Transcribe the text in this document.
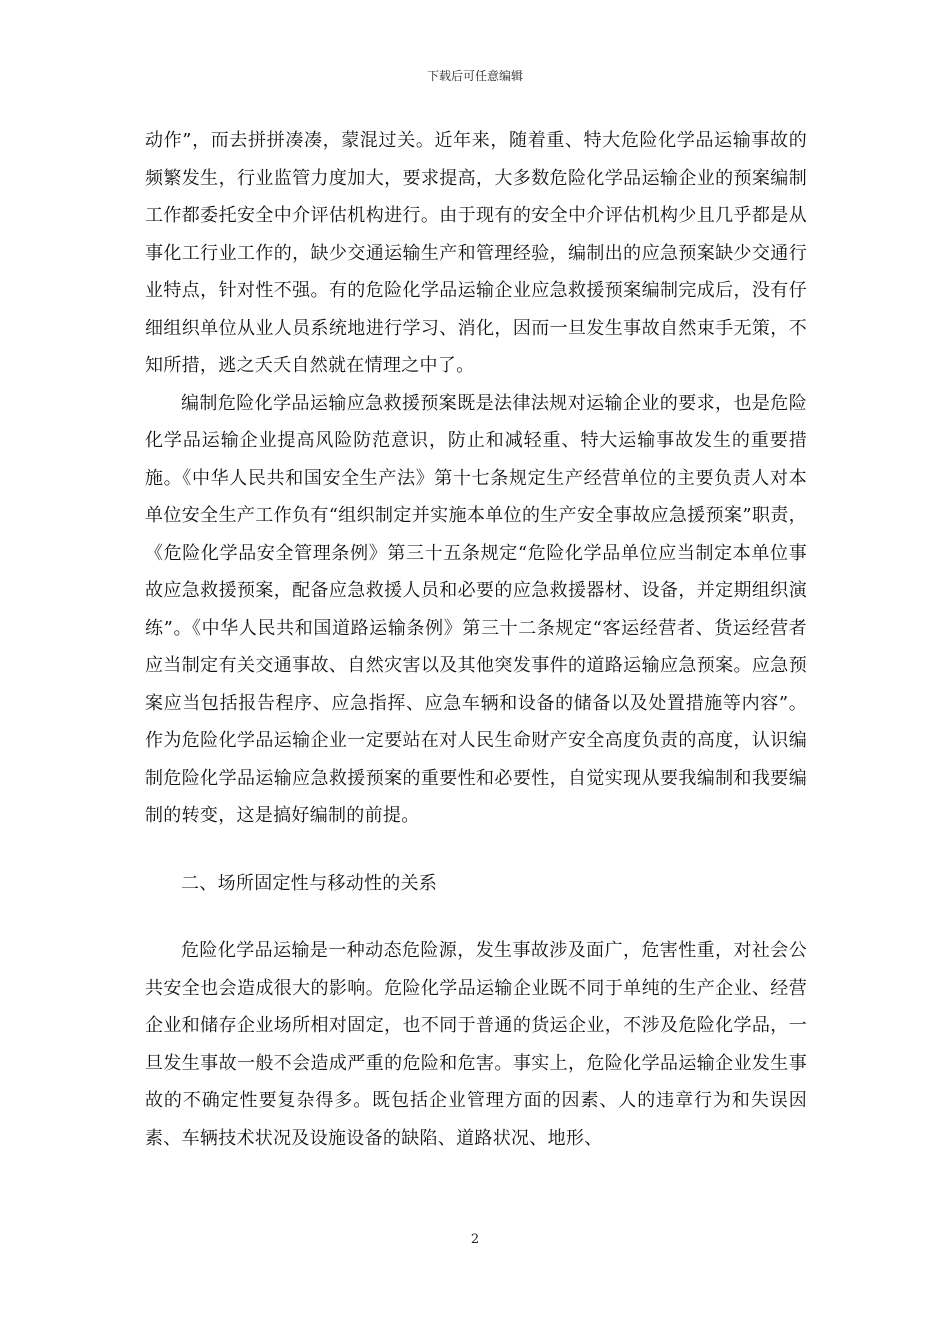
下载后可任意编辑

动作”，而去拼拼凑凑，蒙混过关。近年来，随着重、特大危险化学品运输事故的频繁发生，行业监管力度加大，要求提高，大多数危险化学品运输企业的预案编制工作都委托安全中介评估机构进行。由于现有的安全中介评估机构少且几乎都是从事化工行业工作的，缺少交通运输生产和管理经验，编制出的应急预案缺少交通行业特点，针对性不强。有的危险化学品运输企业应急救援预案编制完成后，没有仔细组织单位从业人员系统地进行学习、消化，因而一旦发生事故自然束手无策，不知所措，逃之夭夭自然就在情理之中了。

编制危险化学品运输应急救援预案既是法律法规对运输企业的要求，也是危险化学品运输企业提高风险防范意识，防止和减轻重、特大运输事故发生的重要措施。《中华人民共和国安全生产法》第十七条规定生产经营单位的主要负责人对本单位安全生产工作负有“组织制定并实施本单位的生产安全事故应急援预案”职责，《危险化学品安全管理条例》第三十五条规定“危险化学品单位应当制定本单位事故应急救援预案，配备应急救援人员和必要的应急救援器材、设备，并定期组织演练”。《中华人民共和国道路运输条例》第三十二条规定“客运经营者、货运经营者应当制定有关交通事故、自然灾害以及其他突发事件的道路运输应急预案。应急预案应当包括报告程序、应急指挥、应急车辆和设备的储备以及处置措施等内容”。作为危险化学品运输企业一定要站在对人民生命财产安全高度负责的高度，认识编制危险化学品运输应急救援预案的重要性和必要性，自觉实现从要我编制和我要编制的转变，这是搞好编制的前提。

二、场所固定性与移动性的关系

危险化学品运输是一种动态危险源，发生事故涉及面广，危害性重，对社会公共安全也会造成很大的影响。危险化学品运输企业既不同于单纯的生产企业、经营企业和储存企业场所相对固定，也不同于普通的货运企业，不涉及危险化学品，一旦发生事故一般不会造成严重的危险和危害。事实上，危险化学品运输企业发生事故的不确定性要复杂得多。既包括企业管理方面的因素、人的违章行为和失误因素、车辆技术状况及设施设备的缺陷、道路状况、地形、

2
